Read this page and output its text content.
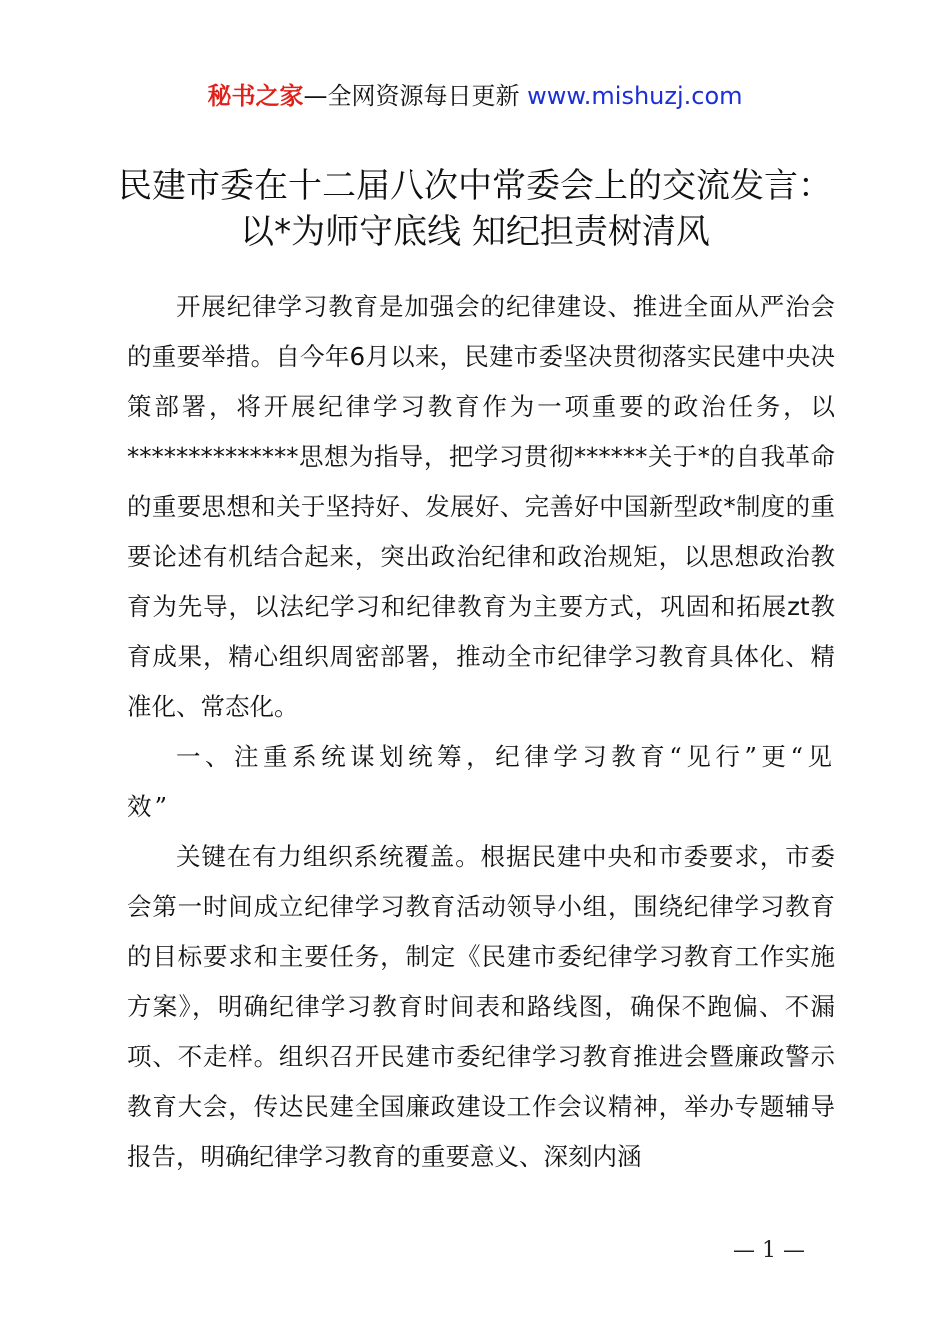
秘书之家—全网资源每日更新 www.mishuzj.com
民建市委在十二届八次中常委会上的交流发言：
以*为师守底线 知纪担责树清风

开展纪律学习教育是加强会的纪律建设、推进全面从严治会的重要举措。自今年6月以来，民建市委坚决贯彻落实民建中央决策部署，将开展纪律学习教育作为一项重要的政治任务，以**************思想为指导，把学习贯彻******关于*的自我革命的重要思想和关于坚持好、发展好、完善好中国新型政*制度的重要论述有机结合起来，突出政治纪律和政治规矩，以思想政治教育为先导，以法纪学习和纪律教育为主要方式，巩固和拓展zt教育成果，精心组织周密部署，推动全市纪律学习教育具体化、精准化、常态化。

一、注重系统谋划统筹，纪律学习教育“见行”更“见效”

关键在有力组织系统覆盖。根据民建中央和市委要求，市委会第一时间成立纪律学习教育活动领导小组，围绕纪律学习教育的目标要求和主要任务，制定《民建市委纪律学习教育工作实施方案》，明确纪律学习教育时间表和路线图，确保不跑偏、不漏项、不走样。组织召开民建市委纪律学习教育推进会暨廉政警示教育大会，传达民建全国廉政建设工作会议精神，举办专题辅导报告，明确纪律学习教育的重要意义、深刻内涵

— 1 —
